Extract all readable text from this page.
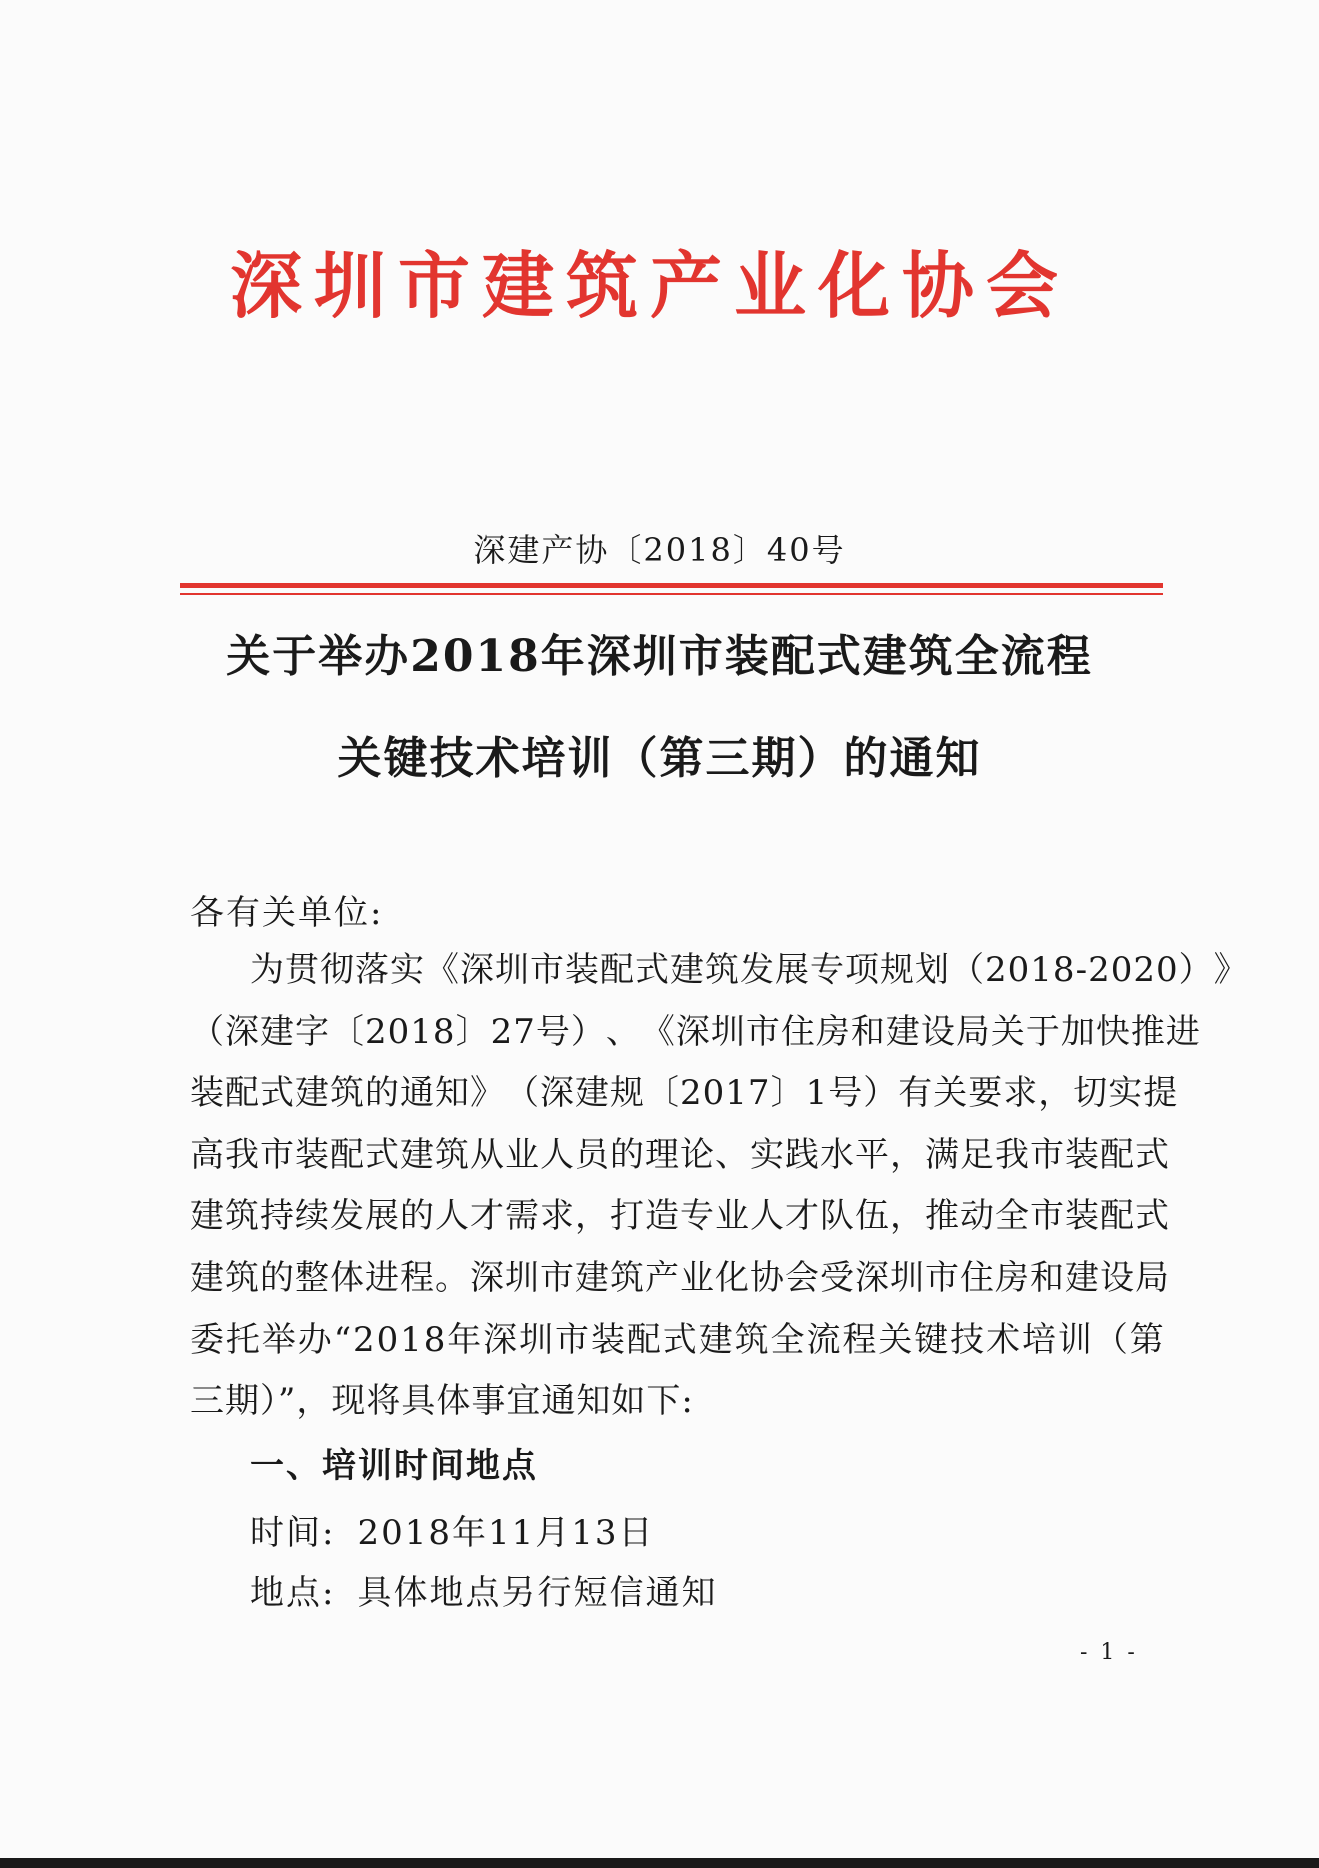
深圳市建筑产业化协会
深建产协〔2018〕40号
关于举办2018年深圳市装配式建筑全流程
关键技术培训（第三期）的通知
各有关单位:
为 贯 彻 落 实 《 深 圳 市 装 配 式 建 筑 发 展 专 项 规 划 （ 2 0 1 8 - 2 0 2 0 ） 》
（ 深 建 字 〔 2 0 1 8 〕 2 7 号 ） 、 《 深 圳 市 住 房 和 建 设 局 关 于 加 快 推 进
装 配 式 建 筑 的 通 知 》 （ 深 建 规 〔 2 0 1 7 〕 1 号 ） 有 关 要 求 ， 切 实 提
高 我 市 装 配 式 建 筑 从 业 人 员 的 理 论 、 实 践 水 平 ， 满 足 我 市 装 配 式
建 筑 持 续 发 展 的 人 才 需 求 ， 打 造 专 业 人 才 队 伍 ， 推 动 全 市 装 配 式
建 筑 的 整 体 进 程 。 深 圳 市 建 筑 产 业 化 协 会 受 深 圳 市 住 房 和 建 设 局
委 托 举 办 “ 2 0 1 8 年 深 圳 市 装 配 式 建 筑 全 流 程 关 键 技 术 培 训 （ 第
三期）”，现将具体事宜通知如下:
一、培训时间地点
时间: 2018年11月13日
地点: 具体地点另行短信通知
- 1 -
